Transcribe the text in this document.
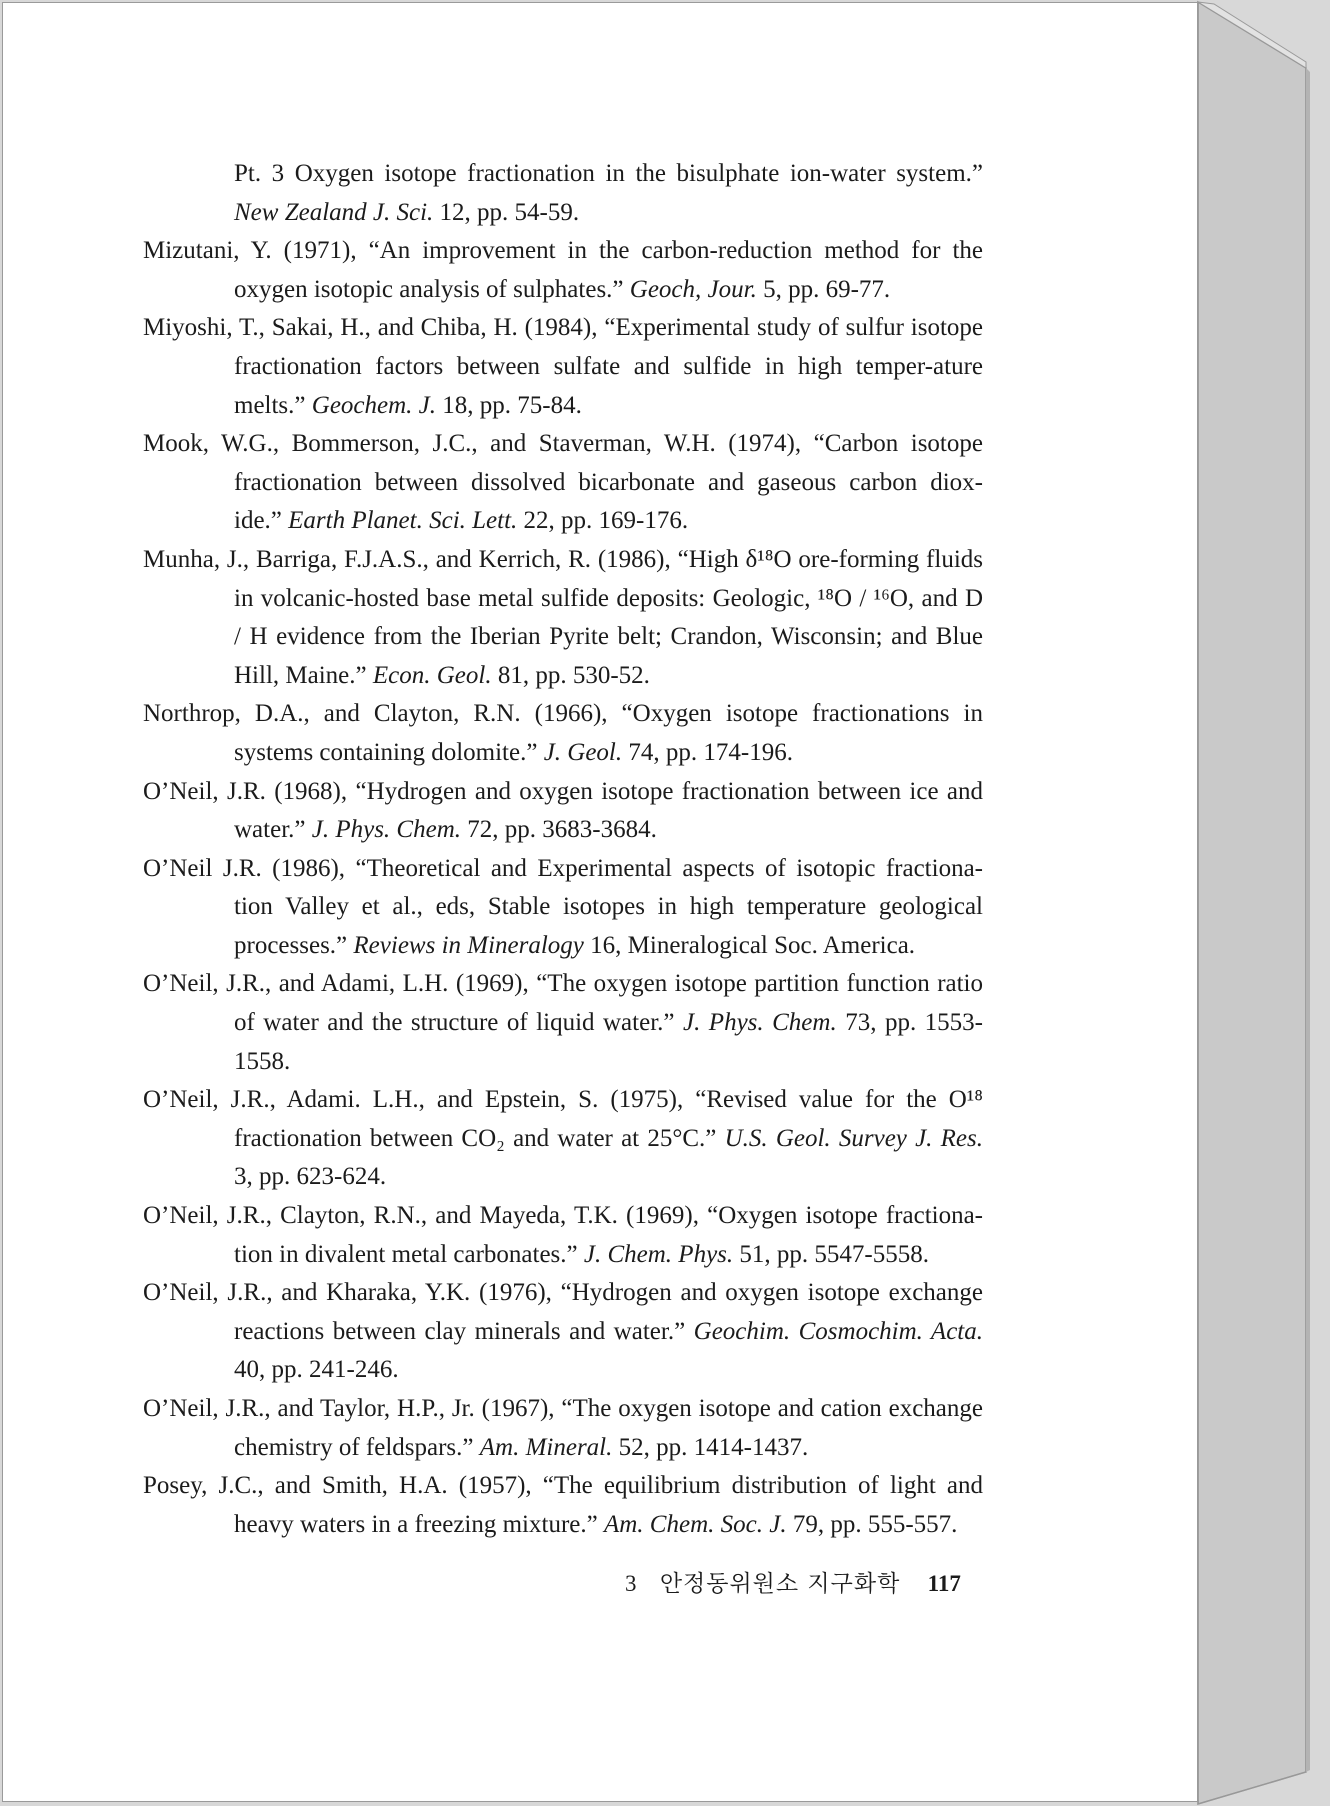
Pt. 3 Oxygen isotope fractionation in the bisulphate ion-water system.” New Zealand J. Sci. 12, pp. 54-59.

Mizutani, Y. (1971), “An improvement in the carbon-reduction method for the oxygen isotopic analysis of sulphates.” Geoch, Jour. 5, pp. 69-77.

Miyoshi, T., Sakai, H., and Chiba, H. (1984), “Experimental study of sulfur isotope fractionation factors between sulfate and sulfide in high temper-ature melts.” Geochem. J. 18, pp. 75-84.

Mook, W.G., Bommerson, J.C., and Staverman, W.H. (1974), “Carbon isotope fractionation between dissolved bicarbonate and gaseous carbon diox-ide.” Earth Planet. Sci. Lett. 22, pp. 169-176.

Munha, J., Barriga, F.J.A.S., and Kerrich, R. (1986), “High δ¹⁸O ore-forming fluids in volcanic-hosted base metal sulfide deposits: Geologic, ¹⁸O / ¹⁶O, and D / H evidence from the Iberian Pyrite belt; Crandon, Wisconsin; and Blue Hill, Maine.” Econ. Geol. 81, pp. 530-52.

Northrop, D.A., and Clayton, R.N. (1966), “Oxygen isotope fractionations in systems containing dolomite.” J. Geol. 74, pp. 174-196.

O’Neil, J.R. (1968), “Hydrogen and oxygen isotope fractionation between ice and water.” J. Phys. Chem. 72, pp. 3683-3684.

O’Neil J.R. (1986), “Theoretical and Experimental aspects of isotopic fractiona-tion Valley et al., eds, Stable isotopes in high temperature geological processes.” Reviews in Mineralogy 16, Mineralogical Soc. America.

O’Neil, J.R., and Adami, L.H. (1969), “The oxygen isotope partition function ratio of water and the structure of liquid water.” J. Phys. Chem. 73, pp. 1553-1558.

O’Neil, J.R., Adami. L.H., and Epstein, S. (1975), “Revised value for the O¹⁸ fractionation between CO₂ and water at 25°C.” U.S. Geol. Survey J. Res. 3, pp. 623-624.

O’Neil, J.R., Clayton, R.N., and Mayeda, T.K. (1969), “Oxygen isotope fractiona-tion in divalent metal carbonates.” J. Chem. Phys. 51, pp. 5547-5558.

O’Neil, J.R., and Kharaka, Y.K. (1976), “Hydrogen and oxygen isotope exchange reactions between clay minerals and water.” Geochim. Cosmochim. Acta. 40, pp. 241-246.

O’Neil, J.R., and Taylor, H.P., Jr. (1967), “The oxygen isotope and cation exchange chemistry of feldspars.” Am. Mineral. 52, pp. 1414-1437.

Posey, J.C., and Smith, H.A. (1957), “The equilibrium distribution of light and heavy waters in a freezing mixture.” Am. Chem. Soc. J. 79, pp. 555-557.

3 안정동위원소 지구화학 117
